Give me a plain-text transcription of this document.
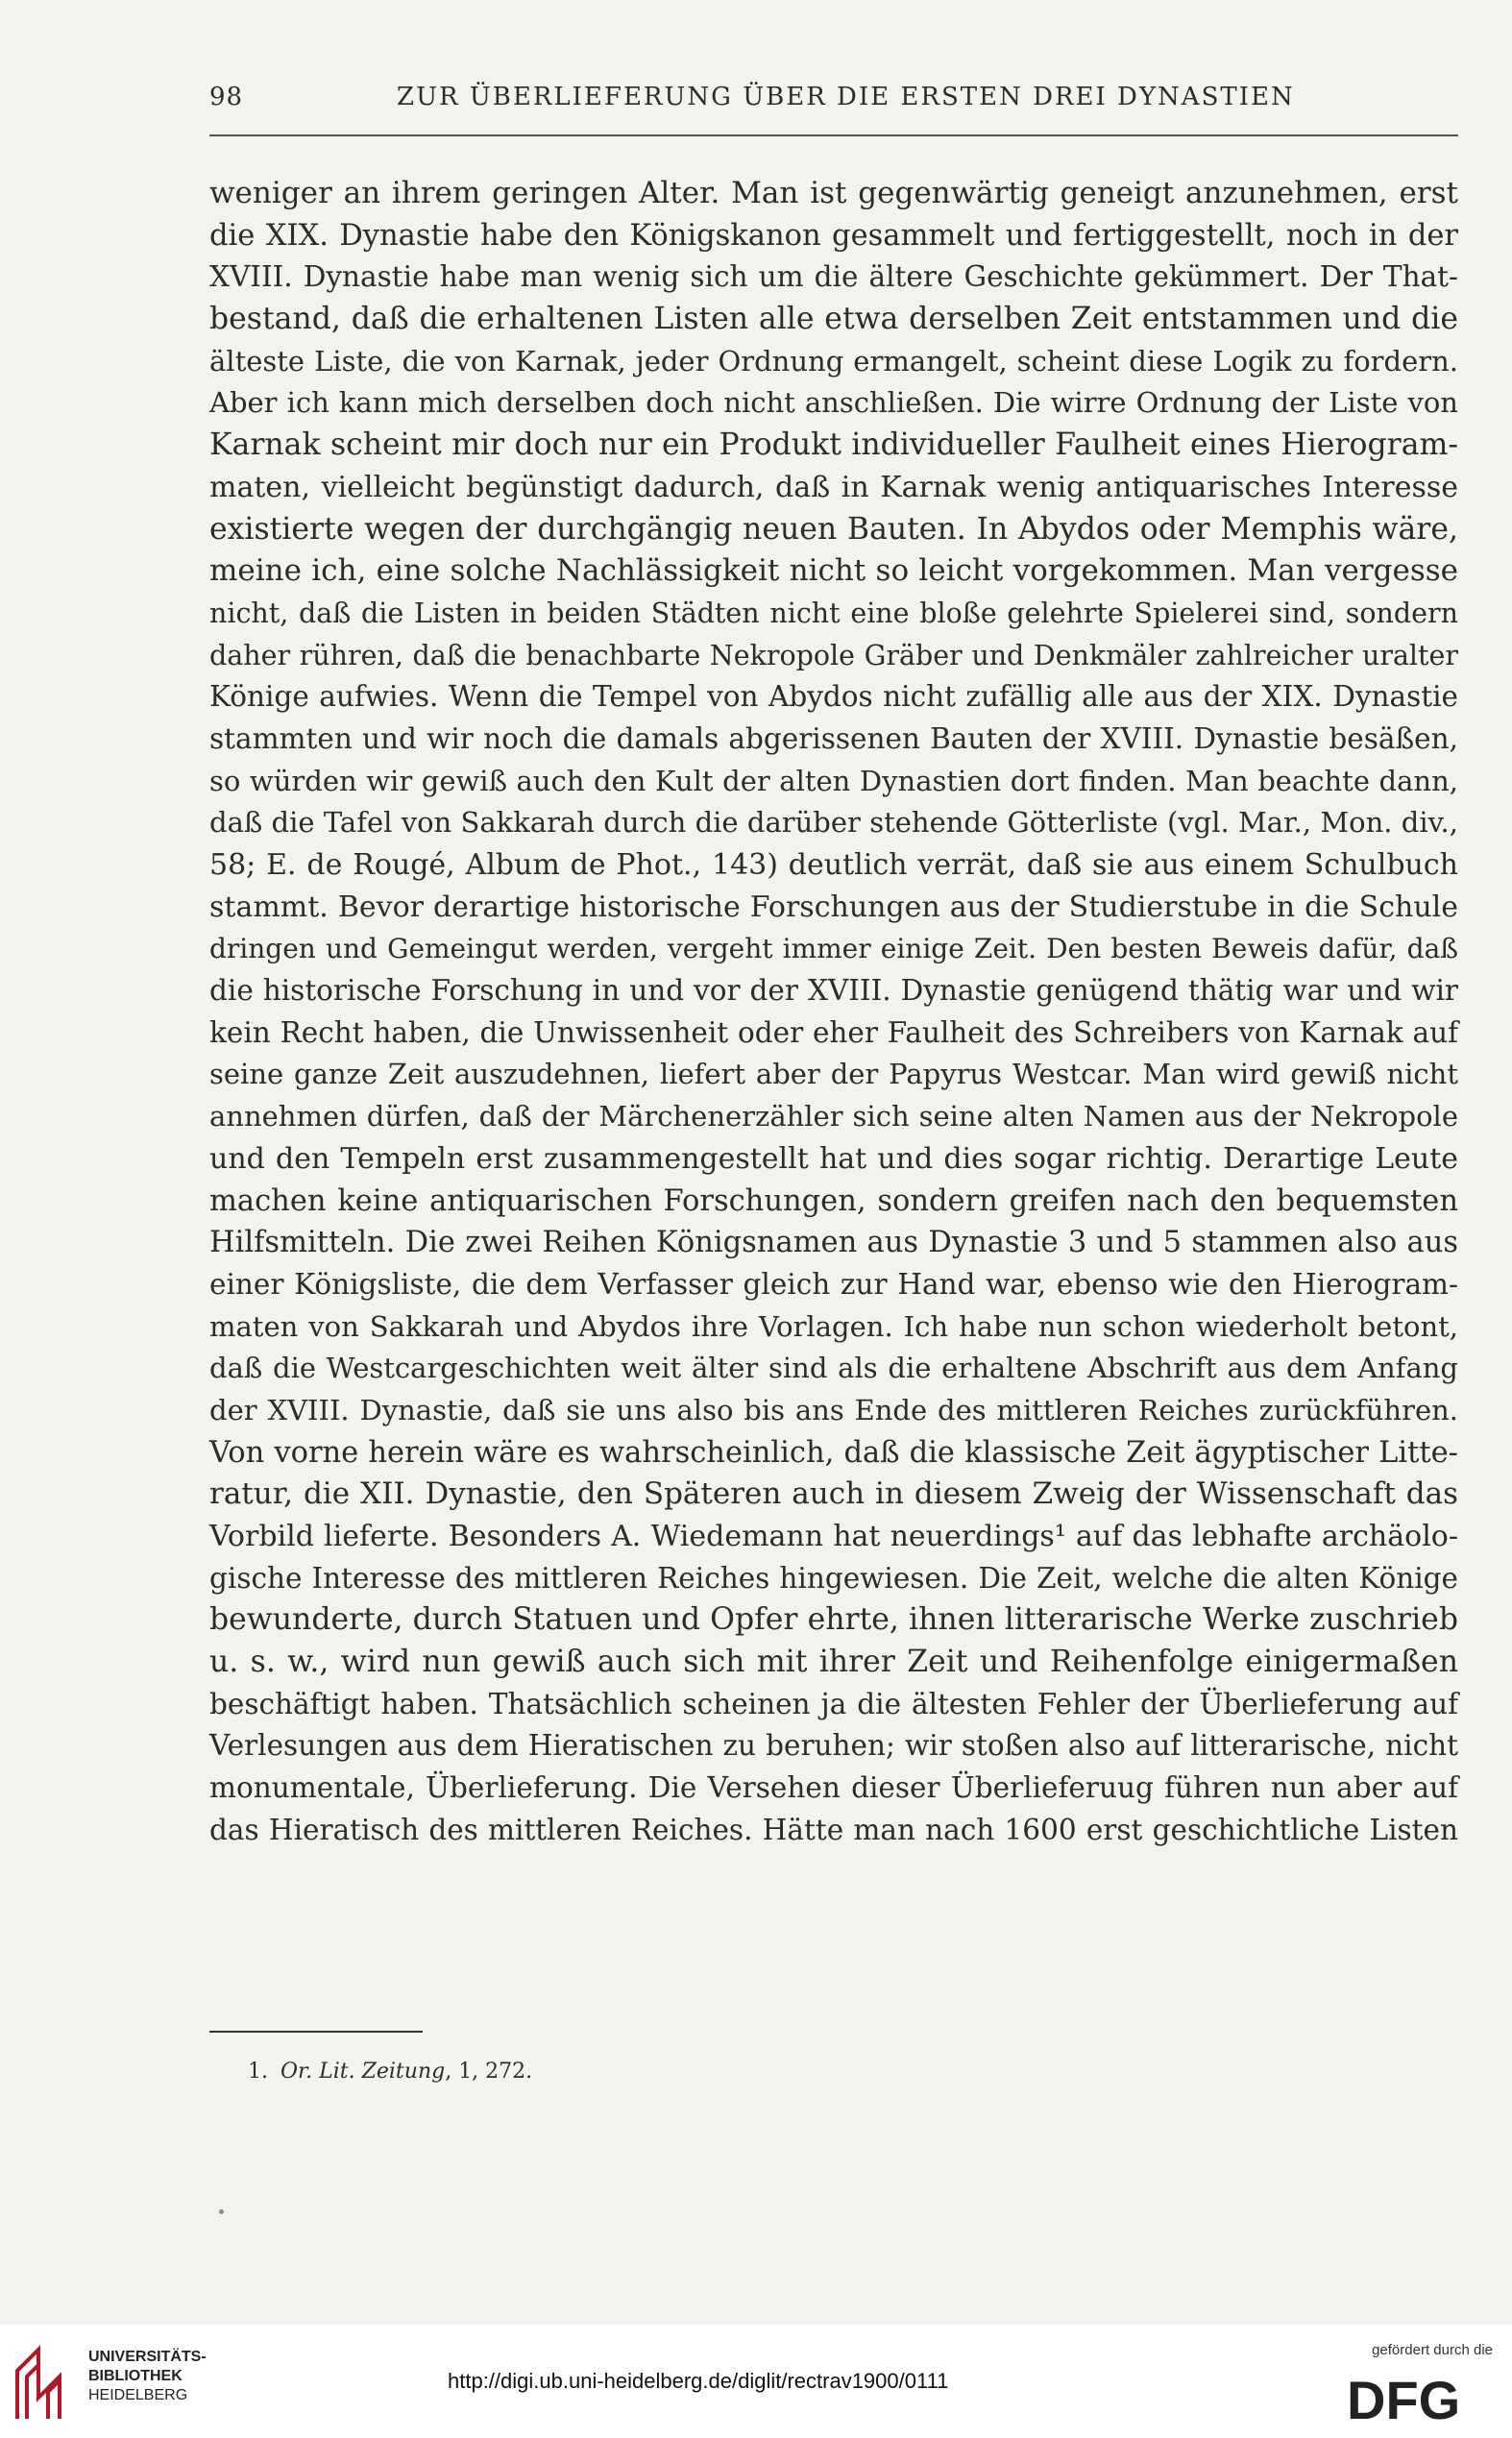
98	ZUR ÜBERLIEFERUNG ÜBER DIE ERSTEN DREI DYNASTIEN
weniger an ihrem geringen Alter. Man ist gegenwärtig geneigt anzunehmen, erst
die XIX. Dynastie habe den Königskanon gesammelt und fertiggestellt, noch in der
XVIII. Dynastie habe man wenig sich um die ältere Geschichte gekümmert. Der That-
bestand, daß die erhaltenen Listen alle etwa derselben Zeit entstammen und die
älteste Liste, die von Karnak, jeder Ordnung ermangelt, scheint diese Logik zu fordern.
Aber ich kann mich derselben doch nicht anschließen. Die wirre Ordnung der Liste von
Karnak scheint mir doch nur ein Produkt individueller Faulheit eines Hierogram-
maten, vielleicht begünstigt dadurch, daß in Karnak wenig antiquarisches Interesse
existierte wegen der durchgängig neuen Bauten. In Abydos oder Memphis wäre,
meine ich, eine solche Nachlässigkeit nicht so leicht vorgekommen. Man vergesse
nicht, daß die Listen in beiden Städten nicht eine bloße gelehrte Spielerei sind, sondern
daher rühren, daß die benachbarte Nekropole Gräber und Denkmäler zahlreicher uralter
Könige aufwies. Wenn die Tempel von Abydos nicht zufällig alle aus der XIX. Dynastie
stammten und wir noch die damals abgerissenen Bauten der XVIII. Dynastie besäßen,
so würden wir gewiß auch den Kult der alten Dynastien dort finden. Man beachte dann,
daß die Tafel von Sakkarah durch die darüber stehende Götterliste (vgl. Mar., Mon. div.,
58; E. de Rougé, Album de Phot., 143) deutlich verrät, daß sie aus einem Schulbuch
stammt. Bevor derartige historische Forschungen aus der Studierstube in die Schule
dringen und Gemeingut werden, vergeht immer einige Zeit. Den besten Beweis dafür, daß
die historische Forschung in und vor der XVIII. Dynastie genügend thätig war und wir
kein Recht haben, die Unwissenheit oder eher Faulheit des Schreibers von Karnak auf
seine ganze Zeit auszudehnen, liefert aber der Papyrus Westcar. Man wird gewiß nicht
annehmen dürfen, daß der Märchenerzähler sich seine alten Namen aus der Nekropole
und den Tempeln erst zusammengestellt hat und dies sogar richtig. Derartige Leute
machen keine antiquarischen Forschungen, sondern greifen nach den bequemsten
Hilfsmitteln. Die zwei Reihen Königsnamen aus Dynastie 3 und 5 stammen also aus
einer Königsliste, die dem Verfasser gleich zur Hand war, ebenso wie den Hierogram-
maten von Sakkarah und Abydos ihre Vorlagen. Ich habe nun schon wiederholt betont,
daß die Westcargeschichten weit älter sind als die erhaltene Abschrift aus dem Anfang
der XVIII. Dynastie, daß sie uns also bis ans Ende des mittleren Reiches zurückführen.
Von vorne herein wäre es wahrscheinlich, daß die klassische Zeit ägyptischer Litte-
ratur, die XII. Dynastie, den Späteren auch in diesem Zweig der Wissenschaft das
Vorbild lieferte. Besonders A. Wiedemann hat neuerdings¹ auf das lebhafte archäolo-
gische Interesse des mittleren Reiches hingewiesen. Die Zeit, welche die alten Könige
bewunderte, durch Statuen und Opfer ehrte, ihnen litterarische Werke zuschrieb
u. s. w., wird nun gewiß auch sich mit ihrer Zeit und Reihenfolge einigermaßen
beschäftigt haben. Thatsächlich scheinen ja die ältesten Fehler der Überlieferung auf
Verlesungen aus dem Hieratischen zu beruhen; wir stoßen also auf litterarische, nicht
monumentale, Überlieferung. Die Versehen dieser Überlieferuug führen nun aber auf
das Hieratisch des mittleren Reiches. Hätte man nach 1600 erst geschichtliche Listen
1. Or. Lit. Zeitung, 1, 272.
UNIVERSITÄTS-
BIBLIOTHEK
HEIDELBERG
http://digi.ub.uni-heidelberg.de/diglit/rectrav1900/0111
gefördert durch die
DFG
